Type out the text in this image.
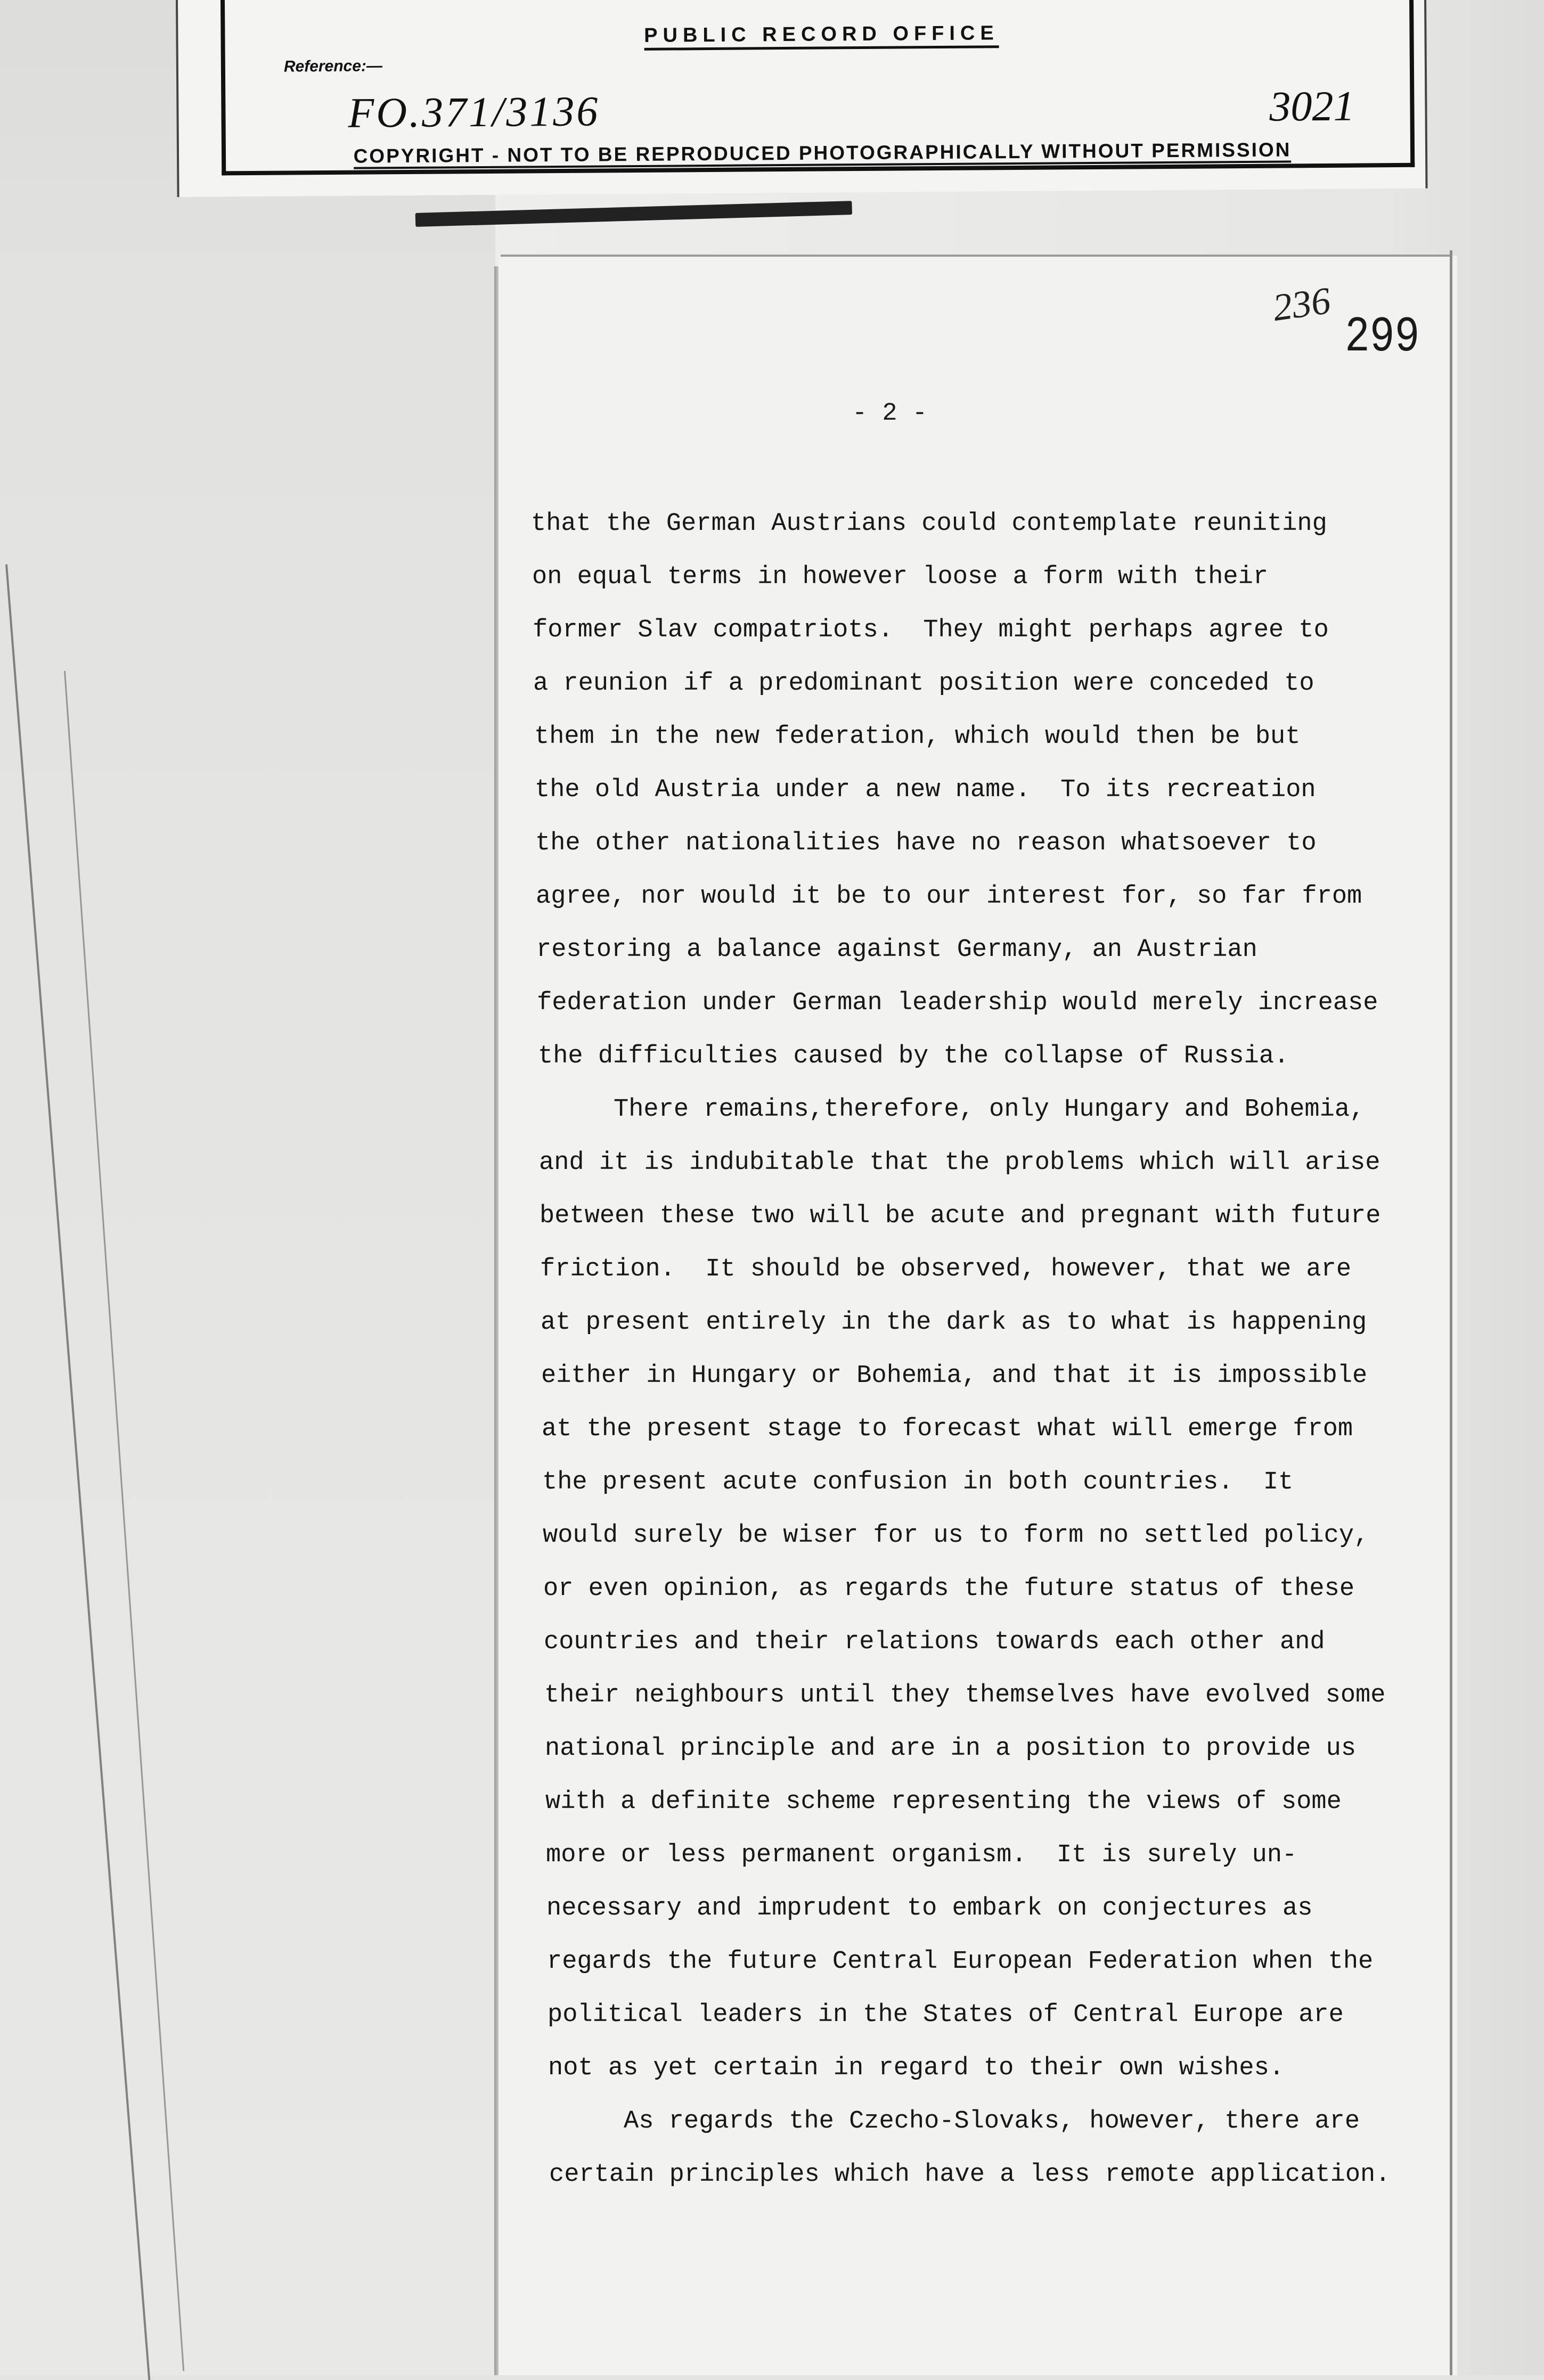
PUBLIC RECORD OFFICE
Reference:—
FO.371/3136	3021
COPYRIGHT - NOT TO BE REPRODUCED PHOTOGRAPHICALLY WITHOUT PERMISSION
236
299
- 2 -
that the German Austrians could contemplate reuniting
on equal terms in however loose a form with their
former Slav compatriots.  They might perhaps agree to
a reunion if a predominant position were conceded to
them in the new federation, which would then be but
the old Austria under a new name.  To its recreation
the other nationalities have no reason whatsoever to
agree, nor would it be to our interest for, so far from
restoring a balance against Germany, an Austrian
federation under German leadership would merely increase
the difficulties caused by the collapse of Russia.
There remains,therefore, only Hungary and Bohemia,
and it is indubitable that the problems which will arise
between these two will be acute and pregnant with future
friction.  It should be observed, however, that we are
at present entirely in the dark as to what is happening
either in Hungary or Bohemia, and that it is impossible
at the present stage to forecast what will emerge from
the present acute confusion in both countries.  It
would surely be wiser for us to form no settled policy,
or even opinion, as regards the future status of these
countries and their relations towards each other and
their neighbours until they themselves have evolved some
national principle and are in a position to provide us
with a definite scheme representing the views of some
more or less permanent organism.  It is surely un-
necessary and imprudent to embark on conjectures as
regards the future Central European Federation when the
political leaders in the States of Central Europe are
not as yet certain in regard to their own wishes.
As regards the Czecho-Slovaks, however, there are
certain principles which have a less remote application.
